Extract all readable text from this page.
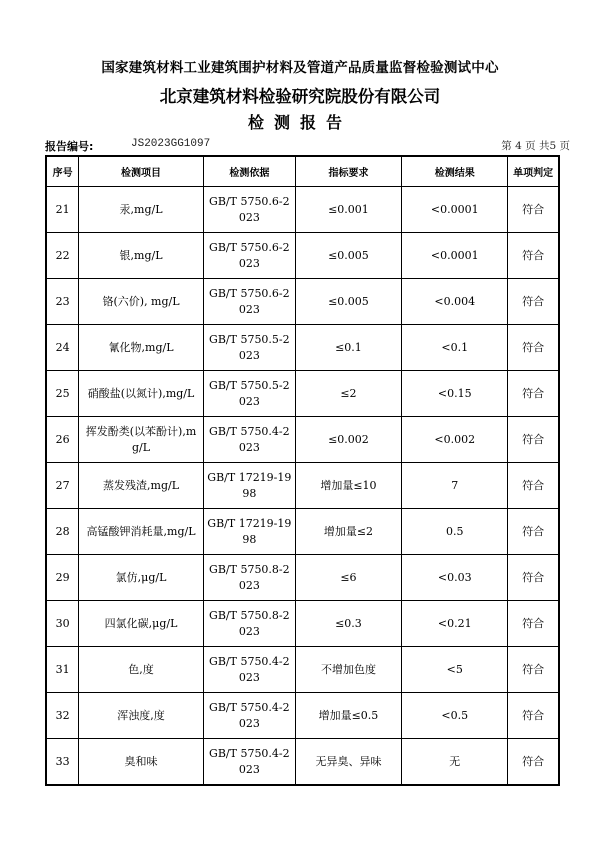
国家建筑材料工业建筑围护材料及管道产品质量监督检验测试中心
北京建筑材料检验研究院股份有限公司
检测报告
报告编号:	JS2023GG1097	第 4 页 共5 页
序号	检测项目	检测依据	指标要求	检测结果	单项判定
21	汞,mg/L	GB/T 5750.6-2023	≤0.001	<0.0001	符合
22	银,mg/L	GB/T 5750.6-2023	≤0.005	<0.0001	符合
23	铬(六价), mg/L	GB/T 5750.6-2023	≤0.005	<0.004	符合
24	氰化物,mg/L	GB/T 5750.5-2023	≤0.1	<0.1	符合
25	硝酸盐(以氮计),mg/L	GB/T 5750.5-2023	≤2	<0.15	符合
26	挥发酚类(以苯酚计),mg/L	GB/T 5750.4-2023	≤0.002	<0.002	符合
27	蒸发残渣,mg/L	GB/T 17219-1998	增加量≤10	7	符合
28	高锰酸钾消耗量,mg/L	GB/T 17219-1998	增加量≤2	0.5	符合
29	氯仿,μg/L	GB/T 5750.8-2023	≤6	<0.03	符合
30	四氯化碳,μg/L	GB/T 5750.8-2023	≤0.3	<0.21	符合
31	色,度	GB/T 5750.4-2023	不增加色度	<5	符合
32	浑浊度,度	GB/T 5750.4-2023	增加量≤0.5	<0.5	符合
33	臭和味	GB/T 5750.4-2023	无异臭、异味	无	符合
